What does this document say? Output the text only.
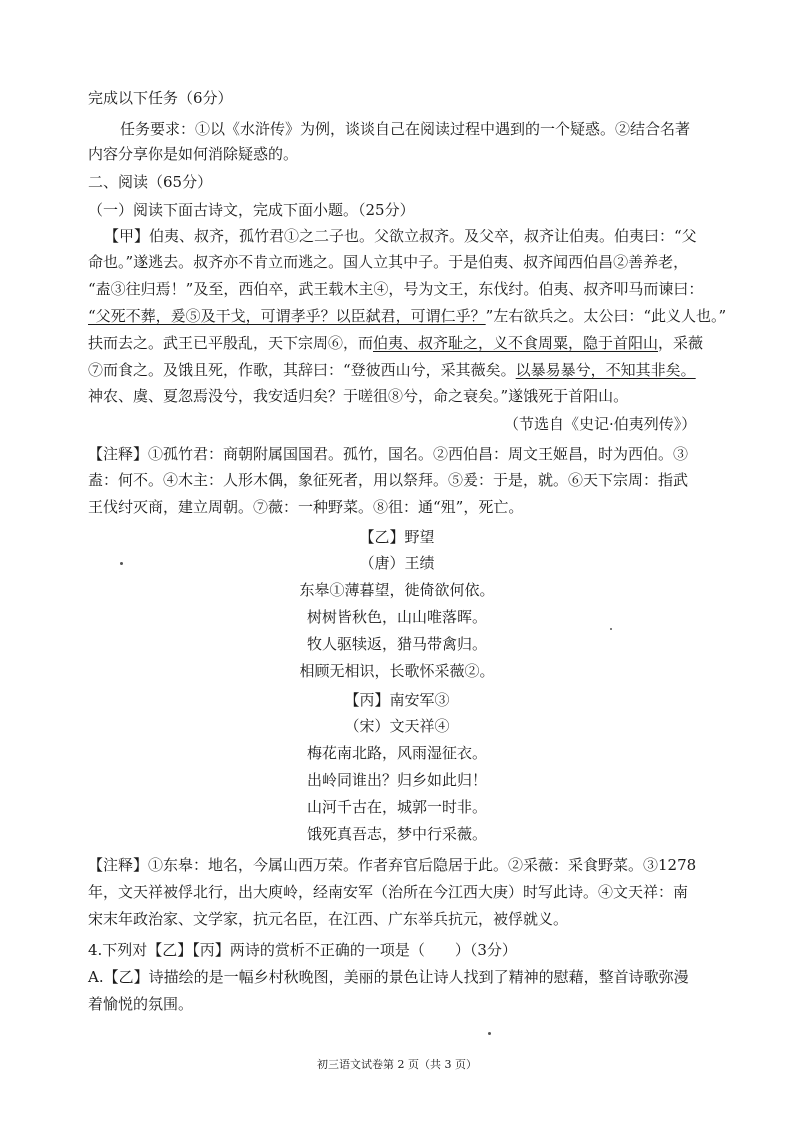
完成以下任务（6分）
任务要求：①以《水浒传》为例，谈谈自己在阅读过程中遇到的一个疑惑。②结合名著
内容分享你是如何消除疑惑的。
二、阅读（65分）
（一）阅读下面古诗文，完成下面小题。（25分）
【甲】伯夷、叔齐，孤竹君①之二子也。父欲立叔齐。及父卒，叔齐让伯夷。伯夷曰：“父
命也。”遂逃去。叔齐亦不肯立而逃之。国人立其中子。于是伯夷、叔齐闻西伯昌②善养老，
“盍③往归焉！”及至，西伯卒，武王载木主④，号为文王，东伐纣。伯夷、叔齐叩马而谏曰：
“父死不葬，爰⑤及干戈，可谓孝乎？以臣弑君，可谓仁乎？”左右欲兵之。太公曰：“此义人也。”
扶而去之。武王已平殷乱，天下宗周⑥，而伯夷、叔齐耻之，义不食周粟，隐于首阳山，采薇
⑦而食之。及饿且死，作歌，其辞曰：“登彼西山兮，采其薇矣。以暴易暴兮，不知其非矣。
神农、虞、夏忽焉没兮，我安适归矣？于嗟徂⑧兮，命之衰矣。”遂饿死于首阳山。
（节选自《史记·伯夷列传》）
【注释】①孤竹君：商朝附属国国君。孤竹，国名。②西伯昌：周文王姬昌，时为西伯。③
盍：何不。④木主：人形木偶，象征死者，用以祭拜。⑤爰：于是，就。⑥天下宗周：指武
王伐纣灭商，建立周朝。⑦薇：一种野菜。⑧徂：通“殂”，死亡。
【乙】野望
（唐）王绩
东皋①薄暮望，徙倚欲何依。
树树皆秋色，山山唯落晖。
牧人驱犊返，猎马带禽归。
相顾无相识，长歌怀采薇②。
【丙】南安军③
（宋）文天祥④
梅花南北路，风雨湿征衣。
出岭同谁出？归乡如此归！
山河千古在，城郭一时非。
饿死真吾志，梦中行采薇。
【注释】①东皋：地名，今属山西万荣。作者弃官后隐居于此。②采薇：采食野菜。③1278
年，文天祥被俘北行，出大庾岭，经南安军（治所在今江西大庚）时写此诗。④文天祥：南
宋末年政治家、文学家，抗元名臣，在江西、广东举兵抗元，被俘就义。
4.下列对【乙】【丙】两诗的赏析不正确的一项是（　　）（3分）
A.【乙】诗描绘的是一幅乡村秋晚图，美丽的景色让诗人找到了精神的慰藉，整首诗歌弥漫
着愉悦的氛围。
初三语文试卷第 2 页（共 3 页）
